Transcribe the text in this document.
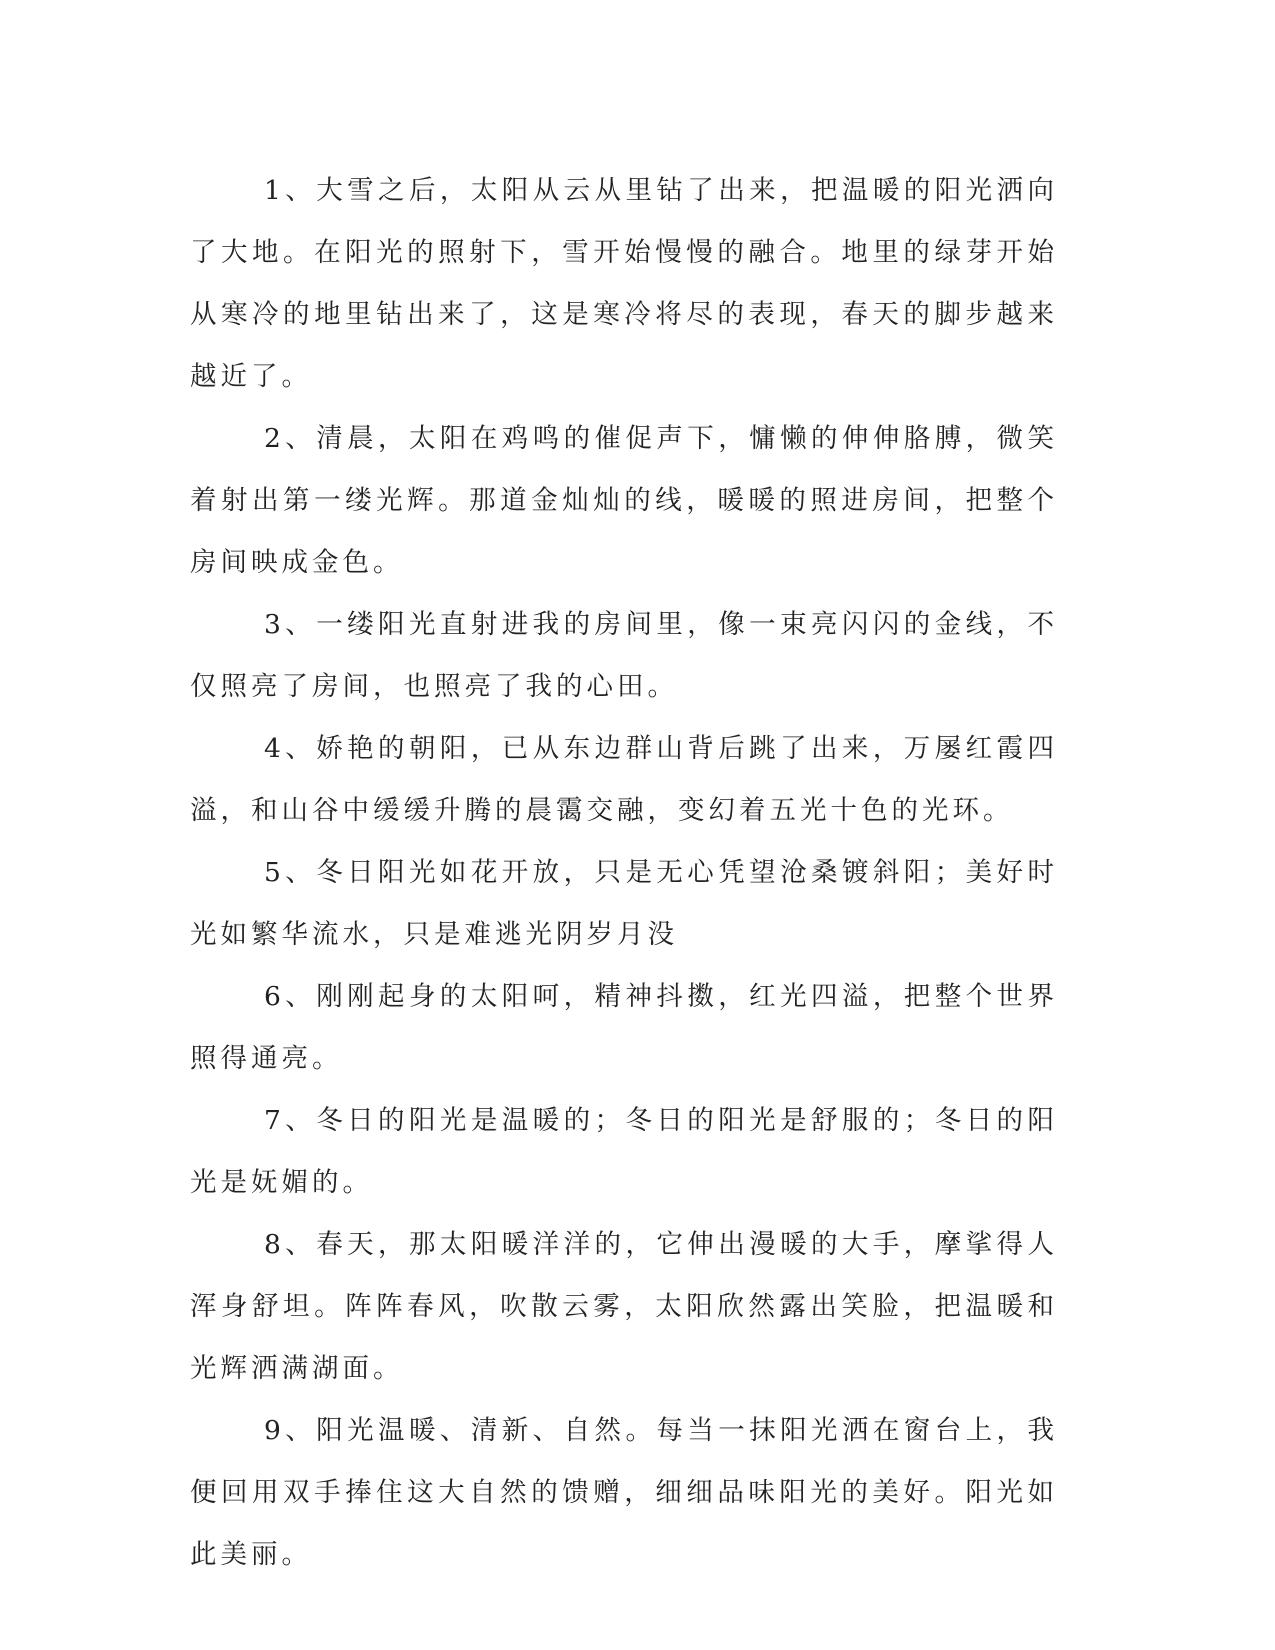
1、大雪之后，太阳从云从里钻了出来，把温暖的阳光洒向了大地。在阳光的照射下，雪开始慢慢的融合。地里的绿芽开始从寒冷的地里钻出来了，这是寒冷将尽的表现，春天的脚步越来越近了。

2、清晨，太阳在鸡鸣的催促声下，慵懒的伸伸胳膊，微笑着射出第一缕光辉。那道金灿灿的线，暖暖的照进房间，把整个房间映成金色。

3、一缕阳光直射进我的房间里，像一束亮闪闪的金线，不仅照亮了房间，也照亮了我的心田。

4、娇艳的朝阳，已从东边群山背后跳了出来，万屡红霞四溢，和山谷中缓缓升腾的晨霭交融，变幻着五光十色的光环。

5、冬日阳光如花开放，只是无心凭望沧桑镀斜阳；美好时光如繁华流水，只是难逃光阴岁月没

6、刚刚起身的太阳呵，精神抖擞，红光四溢，把整个世界照得通亮。

7、冬日的阳光是温暖的；冬日的阳光是舒服的；冬日的阳光是妩媚的。

8、春天，那太阳暖洋洋的，它伸出漫暖的大手，摩挲得人浑身舒坦。阵阵春风，吹散云雾，太阳欣然露出笑脸，把温暖和光辉洒满湖面。

9、阳光温暖、清新、自然。每当一抹阳光洒在窗台上，我便回用双手捧住这大自然的馈赠，细细品味阳光的美好。阳光如此美丽。
